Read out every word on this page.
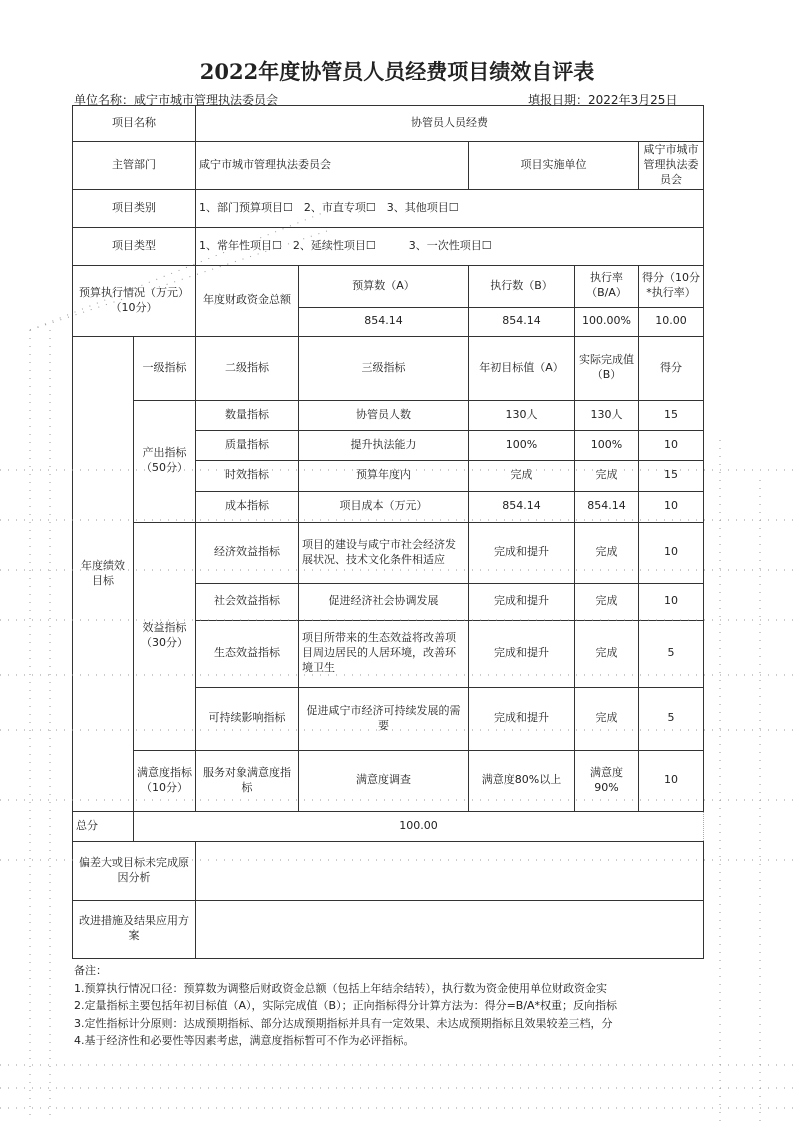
2022年度协管员人员经费项目绩效自评表
单位名称：咸宁市城市管理执法委员会	填报日期：2022年3月25日
项目名称		协管员人员经费				
主管部门		咸宁市城市管理执法委员会		项目实施单位		咸宁市城市管理执法委员会
项目类别		1、部门预算项目☐　2、市直专项☐　3、其他项目☐				
项目类型		1、常年性项目☐　2、延续性项目☐　　　3、一次性项目☐				
预算执行情况（万元）（10分）		年度财政资金总额	预算数（A）	执行数（B）	执行率（B/A）	得分（10分*执行率）
			854.14	854.14	100.00%	10.00
年度绩效目标	一级指标	二级指标	三级指标	年初目标值（A）	实际完成值（B）	得分
	产出指标（50分）	数量指标	协管员人数	130人	130人	15
		质量指标	提升执法能力	100%	100%	10
		时效指标	预算年度内	完成	完成	15
		成本指标	项目成本（万元）	854.14	854.14	10
	效益指标（30分）	经济效益指标	项目的建设与咸宁市社会经济发展状况、技术文化条件相适应	完成和提升	完成	10
		社会效益指标	促进经济社会协调发展	完成和提升	完成	10
		生态效益指标	项目所带来的生态效益将改善项目周边居民的人居环境，改善环境卫生	完成和提升	完成	5
		可持续影响指标	促进咸宁市经济可持续发展的需要	完成和提升	完成	5
	满意度指标（10分）	服务对象满意度指标	满意度调查	满意度80%以上	满意度90%	10
总分	100.00					
偏差大或目标未完成原因分析						
改进措施及结果应用方案						
备注：
1.预算执行情况口径：预算数为调整后财政资金总额（包括上年结余结转），执行数为资金使用单位财政资金实
2.定量指标主要包括年初目标值（A），实际完成值（B）；正向指标得分计算方法为：得分=B/A*权重；反向指标
3.定性指标计分原则：达成预期指标、部分达成预期指标并具有一定效果、未达成预期指标且效果较差三档，分
4.基于经济性和必要性等因素考虑，满意度指标暂可不作为必评指标。
